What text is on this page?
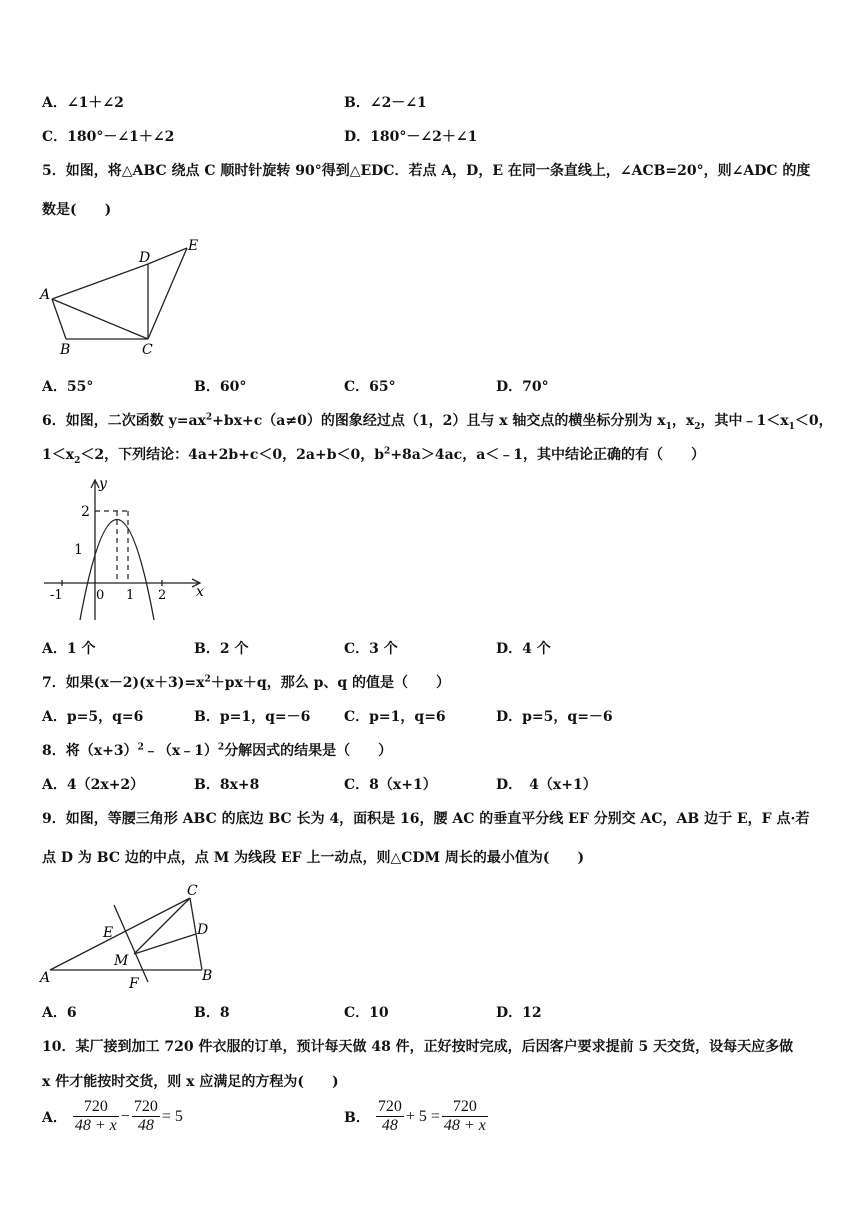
A．∠1＋∠2	B．∠2－∠1
C．180°－∠1＋∠2	D．180°－∠2＋∠1
5．如图，将△ABC 绕点 C 顺时针旋转 90°得到△EDC．若点 A，D，E 在同一条直线上，∠ACB=20°，则∠ADC 的度
数是(　　)
A
B	C
D
E
A．55°	B．60°	C．65°	D．70°
6．如图，二次函数 $y=ax^2+bx+c(a\ne 0)$的图象经过点（1，2）且与 x 轴交点的横坐标分别为 $x_1$，$x_2$，其中$﹣1<x_1<0$，
$1<x_2<2$，下列结论：4a+2b+c＜0，2a+b＜0，$b^2+8a>4ac$，a＜﹣1，其中结论正确的有（　　）
y
x
2
1
-1	0 1 2
A．1 个	B．2 个	C．3 个	D．4 个
7．如果$(x-2)(x+3)=x^2+px+q$，那么 p、q 的值是（　　）
A．p=5，q=6	B．p=1，q=－6 C．p=1，q=6	D．p=5，q=－6
8．将$(x+3)^2﹣(x﹣1)^2$分解因式的结果是（　　）
A．4（2x+2）	B．8x+8	C．8（x+1）	D．　4（x+1）
9．如图，等腰三角形 ABC 的底边 BC 长为 4，面积是 16，腰 AC 的垂直平分线 EF 分别交 AC，AB 边于 E，F 点·若
点 D 为 BC 边的中点，点 M 为线段 EF 上一动点，则△CDM 周长的最小值为(　　)
A	B
C
D
E
F
M
A．6	B．8	C．10	D．12
10．某厂接到加工 720 件衣服的订单，预计每天做 48 件，正好按时完成，后因客户要求提前 5 天交货，设每天应多做
x 件才能按时交货，则 x 应满足的方程为(　　)
A． $\frac{720}{48 + x} - \frac{720}{48} = 5$	B． $\frac{720}{48} + 5 = \frac{720}{48 + x}$
